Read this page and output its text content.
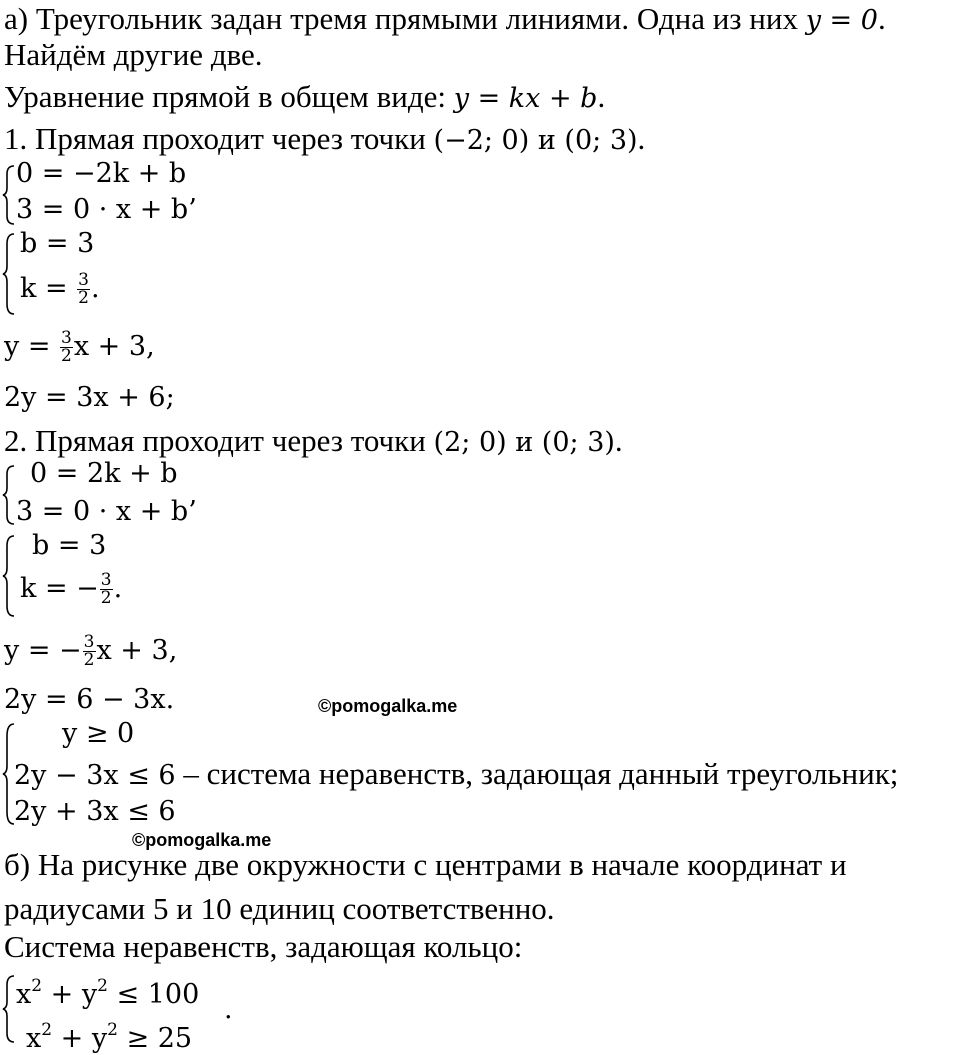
а) Треугольник задан тремя прямыми линиями. Одна из них y = 0.
Найдём другие две.
Уравнение прямой в общем виде: y = kx + b.
1. Прямая проходит через точки (−2; 0) и (0; 3).
0 = −2k + b
3 = 0 · x + b’
b = 3
$k = \frac{3}{2}$ .
$y = \frac{3}{2}$ x + 3,
2y = 3x + 6;
2. Прямая проходит через точки (2; 0) и (0; 3).
0 = 2k + b
3 = 0 · x + b’
b = 3
k = − $\frac{3}{2}$ .
y = − $\frac{3}{2}$ x + 3,
2y = 6 − 3x.	©pomogalka.me
y ≥ 0
2y − 3x ≤ 6 – система неравенств, задающая данный треугольник;
2y + 3x ≤ 6
©pomogalka.me
б) На рисунке две окружности с центрами в начале координат и
радиусами 5 и 10 единиц соответственно.
Система неравенств, задающая кольцо:
$x^2 + y^2 \le 100$
$x^2 + y^2 \ge 25$
.
